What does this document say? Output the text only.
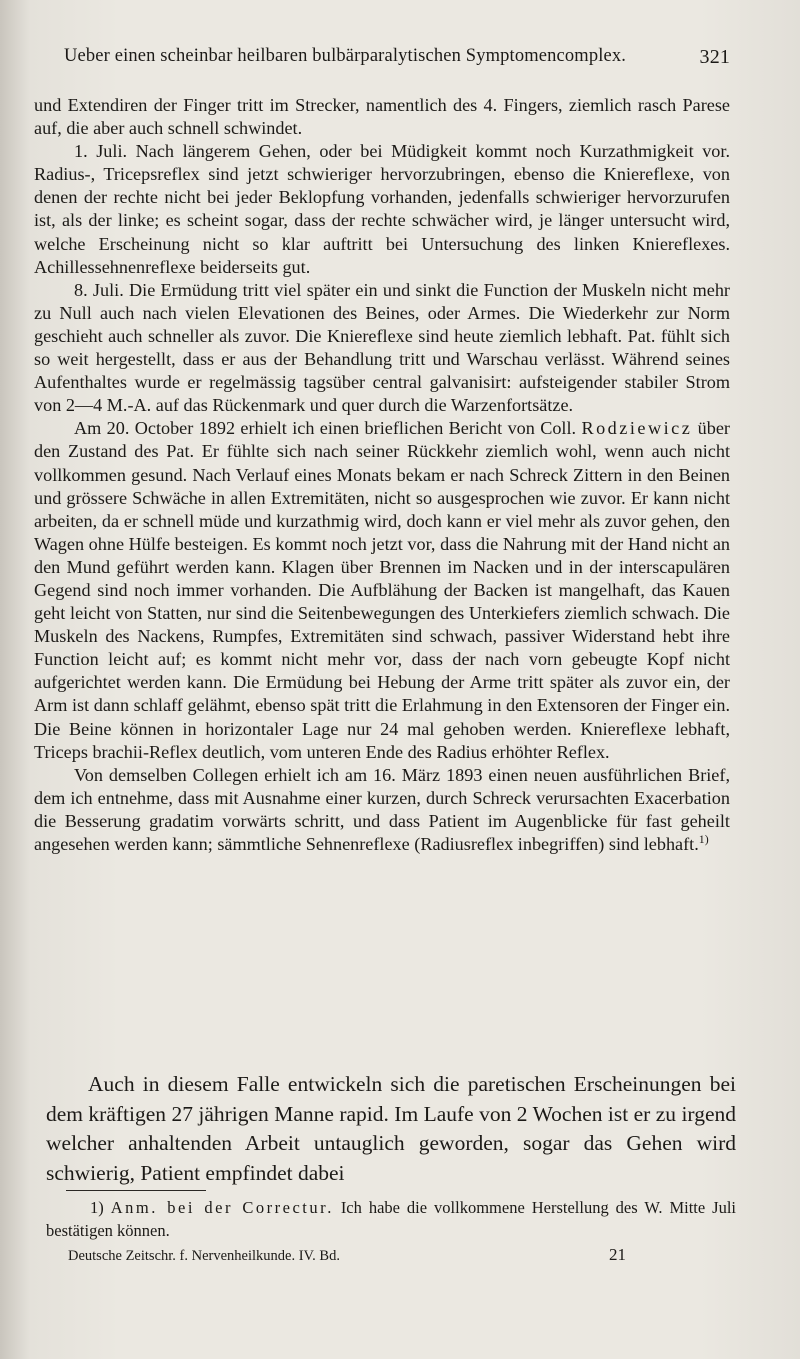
Ueber einen scheinbar heilbaren bulbärparalytischen Symptomencomplex.	321

und Extendiren der Finger tritt im Strecker, namentlich des 4. Fingers, ziemlich rasch Parese auf, die aber auch schnell schwindet.

1. Juli. Nach längerem Gehen, oder bei Müdigkeit kommt noch Kurzathmigkeit vor. Radius-, Tricepsreflex sind jetzt schwieriger hervorzubringen, ebenso die Kniereflexe, von denen der rechte nicht bei jeder Beklopfung vorhanden, jedenfalls schwieriger hervorzurufen ist, als der linke; es scheint sogar, dass der rechte schwächer wird, je länger untersucht wird, welche Erscheinung nicht so klar auftritt bei Untersuchung des linken Kniereflexes. Achillessehnenreflexe beiderseits gut.

8. Juli. Die Ermüdung tritt viel später ein und sinkt die Function der Muskeln nicht mehr zu Null auch nach vielen Elevationen des Beines, oder Armes. Die Wiederkehr zur Norm geschieht auch schneller als zuvor. Die Kniereflexe sind heute ziemlich lebhaft. Pat. fühlt sich so weit hergestellt, dass er aus der Behandlung tritt und Warschau verlässt. Während seines Aufenthaltes wurde er regelmässig tagsüber central galvanisirt: aufsteigender stabiler Strom von 2—4 M.-A. auf das Rückenmark und quer durch die Warzenfortsätze.

Am 20. October 1892 erhielt ich einen brieflichen Bericht von Coll. Rodziewicz über den Zustand des Pat. Er fühlte sich nach seiner Rückkehr ziemlich wohl, wenn auch nicht vollkommen gesund. Nach Verlauf eines Monats bekam er nach Schreck Zittern in den Beinen und grössere Schwäche in allen Extremitäten, nicht so ausgesprochen wie zuvor. Er kann nicht arbeiten, da er schnell müde und kurzathmig wird, doch kann er viel mehr als zuvor gehen, den Wagen ohne Hülfe besteigen. Es kommt noch jetzt vor, dass die Nahrung mit der Hand nicht an den Mund geführt werden kann. Klagen über Brennen im Nacken und in der interscapulären Gegend sind noch immer vorhanden. Die Aufblähung der Backen ist mangelhaft, das Kauen geht leicht von Statten, nur sind die Seitenbewegungen des Unterkiefers ziemlich schwach. Die Muskeln des Nackens, Rumpfes, Extremitäten sind schwach, passiver Widerstand hebt ihre Function leicht auf; es kommt nicht mehr vor, dass der nach vorn gebeugte Kopf nicht aufgerichtet werden kann. Die Ermüdung bei Hebung der Arme tritt später als zuvor ein, der Arm ist dann schlaff gelähmt, ebenso spät tritt die Erlahmung in den Extensoren der Finger ein. Die Beine können in horizontaler Lage nur 24 mal gehoben werden. Kniereflexe lebhaft, Triceps brachii-Reflex deutlich, vom unteren Ende des Radius erhöhter Reflex.

Von demselben Collegen erhielt ich am 16. März 1893 einen neuen ausführlichen Brief, dem ich entnehme, dass mit Ausnahme einer kurzen, durch Schreck verursachten Exacerbation die Besserung gradatim vorwärts schritt, und dass Patient im Augenblicke für fast geheilt angesehen werden kann; sämmtliche Sehnenreflexe (Radiusreflex inbegriffen) sind lebhaft.$^{1)}$

Auch in diesem Falle entwickeln sich die paretischen Erscheinungen bei dem kräftigen 27 jährigen Manne rapid. Im Laufe von 2 Wochen ist er zu irgend welcher anhaltenden Arbeit untauglich geworden, sogar das Gehen wird schwierig, Patient empfindet dabei

1) Anm. bei der Correctur. Ich habe die vollkommene Herstellung des W. Mitte Juli bestätigen können.

Deutsche Zeitschr. f. Nervenheilkunde. IV. Bd.	21
